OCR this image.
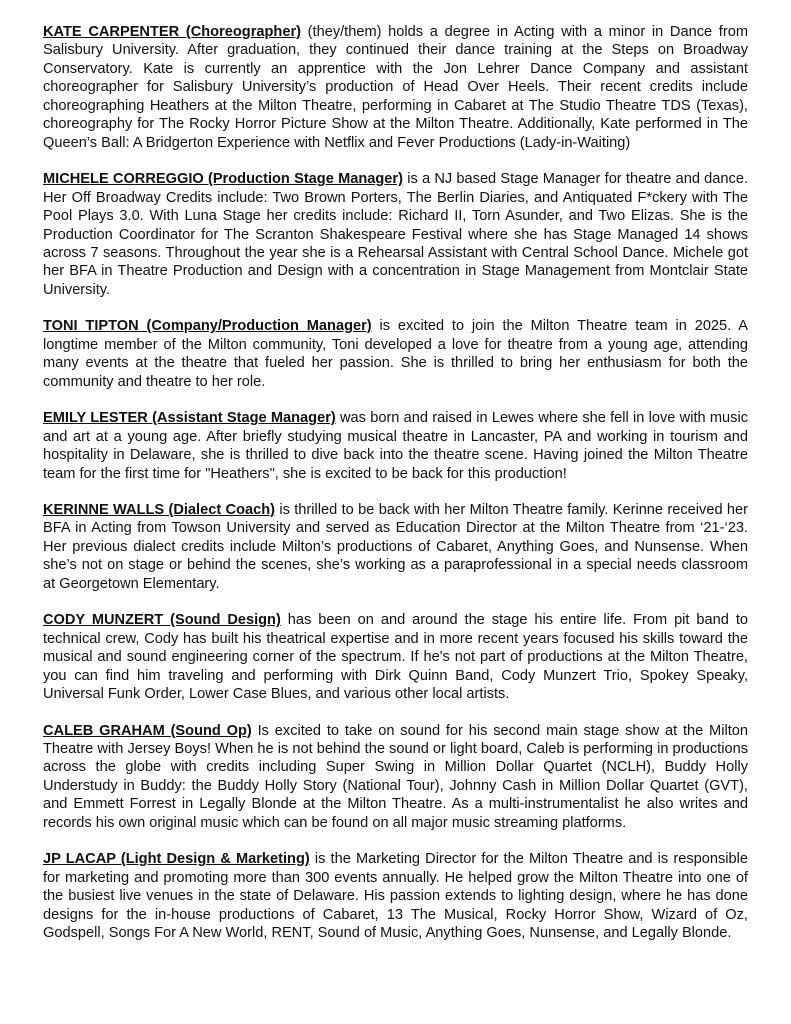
KATE CARPENTER (Choreographer) (they/them) holds a degree in Acting with a minor in Dance from Salisbury University. After graduation, they continued their dance training at the Steps on Broadway Conservatory. Kate is currently an apprentice with the Jon Lehrer Dance Company and assistant choreographer for Salisbury University’s production of Head Over Heels. Their recent credits include choreographing Heathers at the Milton Theatre, performing in Cabaret at The Studio Theatre TDS (Texas), choreography for The Rocky Horror Picture Show at the Milton Theatre. Additionally, Kate performed in The Queen’s Ball: A Bridgerton Experience with Netflix and Fever Productions (Lady-in-Waiting)

MICHELE CORREGGIO (Production Stage Manager) is a NJ based Stage Manager for theatre and dance. Her Off Broadway Credits include: Two Brown Porters, The Berlin Diaries, and Antiquated F*ckery with The Pool Plays 3.0. With Luna Stage her credits include: Richard II, Torn Asunder, and Two Elizas. She is the Production Coordinator for The Scranton Shakespeare Festival where she has Stage Managed 14 shows across 7 seasons. Throughout the year she is a Rehearsal Assistant with Central School Dance. Michele got her BFA in Theatre Production and Design with a concentration in Stage Management from Montclair State University.

TONI TIPTON (Company/Production Manager) is excited to join the Milton Theatre team in 2025. A longtime member of the Milton community, Toni developed a love for theatre from a young age, attending many events at the theatre that fueled her passion. She is thrilled to bring her enthusiasm for both the community and theatre to her role.

EMILY LESTER (Assistant Stage Manager) was born and raised in Lewes where she fell in love with music and art at a young age. After briefly studying musical theatre in Lancaster, PA and working in tourism and hospitality in Delaware, she is thrilled to dive back into the theatre scene. Having joined the Milton Theatre team for the first time for "Heathers", she is excited to be back for this production!

KERINNE WALLS (Dialect Coach) is thrilled to be back with her Milton Theatre family. Kerinne received her BFA in Acting from Towson University and served as Education Director at the Milton Theatre from ‘21-‘23. Her previous dialect credits include Milton’s productions of Cabaret, Anything Goes, and Nunsense. When she’s not on stage or behind the scenes, she’s working as a paraprofessional in a special needs classroom at Georgetown Elementary.

CODY MUNZERT (Sound Design) has been on and around the stage his entire life. From pit band to technical crew, Cody has built his theatrical expertise and in more recent years focused his skills toward the musical and sound engineering corner of the spectrum. If he's not part of productions at the Milton Theatre, you can find him traveling and performing with Dirk Quinn Band, Cody Munzert Trio, Spokey Speaky, Universal Funk Order, Lower Case Blues, and various other local artists.

CALEB GRAHAM (Sound Op) Is excited to take on sound for his second main stage show at the Milton Theatre with Jersey Boys! When he is not behind the sound or light board, Caleb is performing in productions across the globe with credits including Super Swing in Million Dollar Quartet (NCLH), Buddy Holly Understudy in Buddy: the Buddy Holly Story (National Tour), Johnny Cash in Million Dollar Quartet (GVT), and Emmett Forrest in Legally Blonde at the Milton Theatre. As a multi-instrumentalist he also writes and records his own original music which can be found on all major music streaming platforms.

JP LACAP (Light Design & Marketing) is the Marketing Director for the Milton Theatre and is responsible for marketing and promoting more than 300 events annually. He helped grow the Milton Theatre into one of the busiest live venues in the state of Delaware. His passion extends to lighting design, where he has done designs for the in-house productions of Cabaret, 13 The Musical, Rocky Horror Show, Wizard of Oz, Godspell, Songs For A New World, RENT, Sound of Music, Anything Goes, Nunsense, and Legally Blonde.
